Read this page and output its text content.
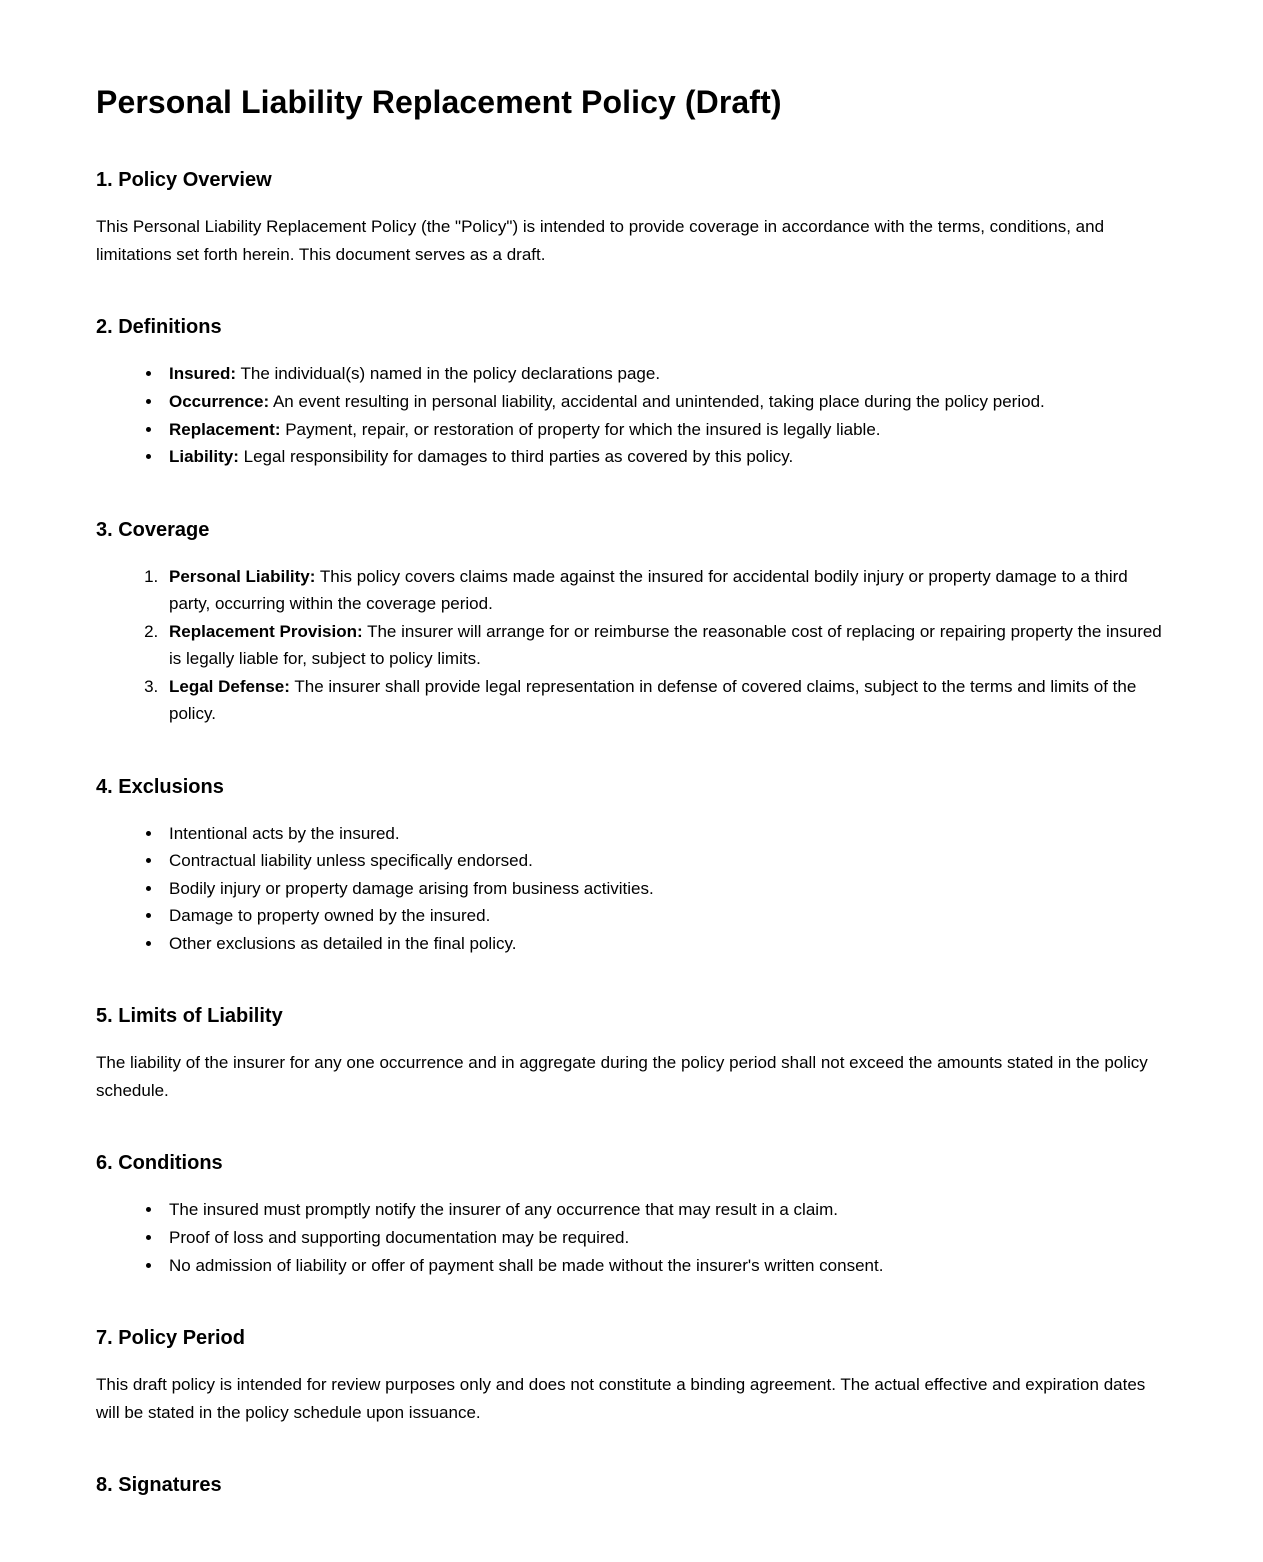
Personal Liability Replacement Policy (Draft)
1. Policy Overview

This Personal Liability Replacement Policy (the "Policy") is intended to provide coverage in accordance with the terms, conditions, and limitations set forth herein. This document serves as a draft.

2. Definitions
• Insured: The individual(s) named in the policy declarations page.
• Occurrence: An event resulting in personal liability, accidental and unintended, taking place during the policy period.
• Replacement: Payment, repair, or restoration of property for which the insured is legally liable.
• Liability: Legal responsibility for damages to third parties as covered by this policy.
3. Coverage
1. Personal Liability: This policy covers claims made against the insured for accidental bodily injury or property damage to a third party, occurring within the coverage period.
2. Replacement Provision: The insurer will arrange for or reimburse the reasonable cost of replacing or repairing property the insured is legally liable for, subject to policy limits.
3. Legal Defense: The insurer shall provide legal representation in defense of covered claims, subject to the terms and limits of the policy.
4. Exclusions
• Intentional acts by the insured.
• Contractual liability unless specifically endorsed.
• Bodily injury or property damage arising from business activities.
• Damage to property owned by the insured.
• Other exclusions as detailed in the final policy.
5. Limits of Liability

The liability of the insurer for any one occurrence and in aggregate during the policy period shall not exceed the amounts stated in the policy schedule.

6. Conditions
• The insured must promptly notify the insurer of any occurrence that may result in a claim.
• Proof of loss and supporting documentation may be required.
• No admission of liability or offer of payment shall be made without the insurer's written consent.
7. Policy Period

This draft policy is intended for review purposes only and does not constitute a binding agreement. The actual effective and expiration dates will be stated in the policy schedule upon issuance.

8. Signatures
